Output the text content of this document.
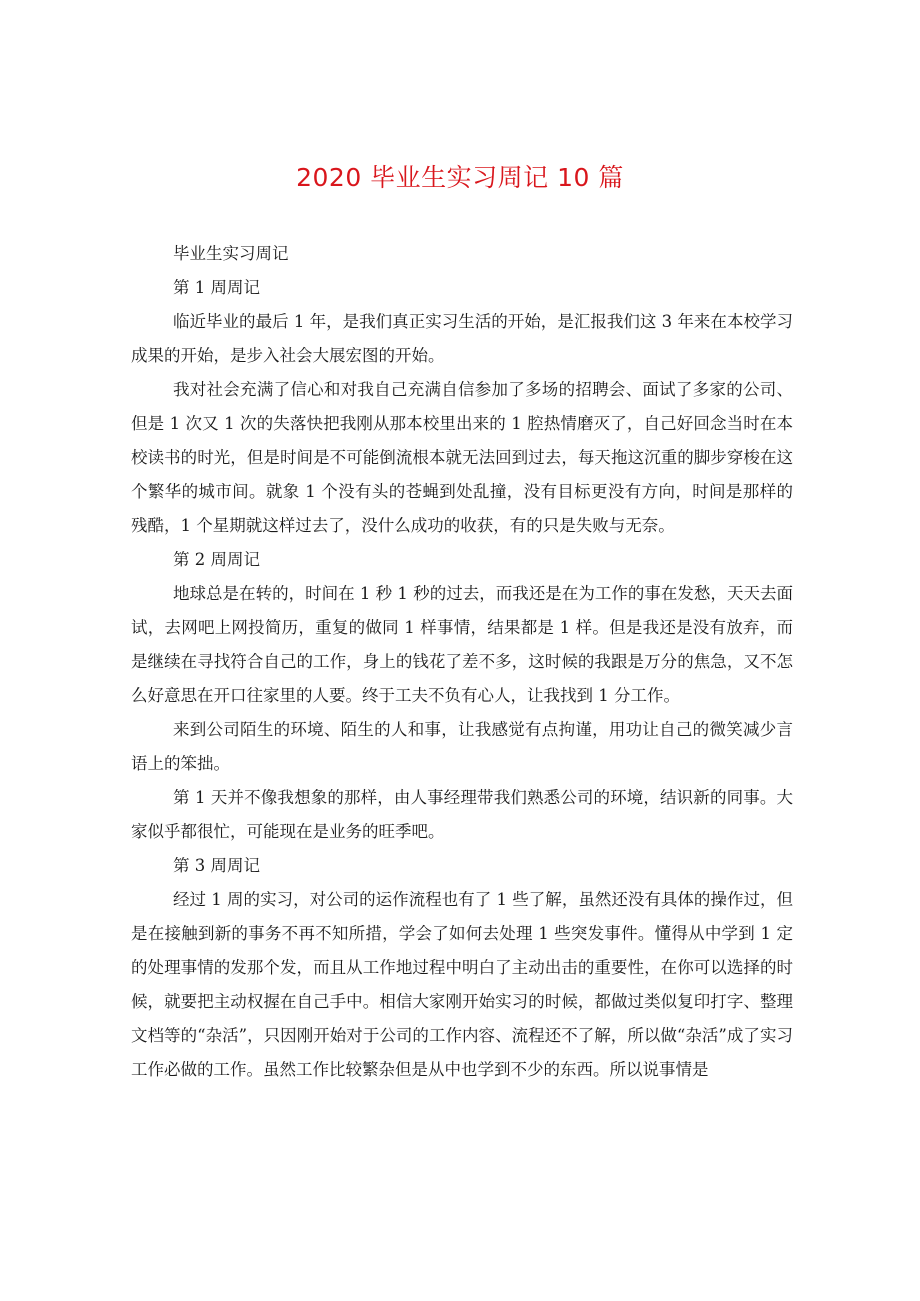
2020 毕业生实习周记 10 篇

毕业生实习周记

第 1 周周记

临近毕业的最后 1 年，是我们真正实习生活的开始，是汇报我们这 3 年来在本校学习成果的开始，是步入社会大展宏图的开始。

我对社会充满了信心和对我自己充满自信参加了多场的招聘会、面试了多家的公司、但是 1 次又 1 次的失落快把我刚从那本校里出来的 1 腔热情磨灭了，自己好回念当时在本校读书的时光，但是时间是不可能倒流根本就无法回到过去，每天拖这沉重的脚步穿梭在这个繁华的城市间。就象 1 个没有头的苍蝇到处乱撞，没有目标更没有方向，时间是那样的残酷，1 个星期就这样过去了，没什么成功的收获，有的只是失败与无奈。

第 2 周周记

地球总是在转的，时间在 1 秒 1 秒的过去，而我还是在为工作的事在发愁，天天去面试，去网吧上网投简历，重复的做同 1 样事情，结果都是 1 样。但是我还是没有放弃，而是继续在寻找符合自己的工作，身上的钱花了差不多，这时候的我跟是万分的焦急，又不怎么好意思在开口往家里的人要。终于工夫不负有心人，让我找到 1 分工作。

来到公司陌生的环境、陌生的人和事，让我感觉有点拘谨，用功让自己的微笑减少言语上的笨拙。

第 1 天并不像我想象的那样，由人事经理带我们熟悉公司的环境，结识新的同事。大家似乎都很忙，可能现在是业务的旺季吧。

第 3 周周记

经过 1 周的实习，对公司的运作流程也有了 1 些了解，虽然还没有具体的操作过，但是在接触到新的事务不再不知所措，学会了如何去处理 1 些突发事件。懂得从中学到 1 定的处理事情的发那个发，而且从工作地过程中明白了主动出击的重要性，在你可以选择的时候，就要把主动权握在自己手中。相信大家刚开始实习的时候，都做过类似复印打字、整理文档等的“杂活”，只因刚开始对于公司的工作内容、流程还不了解，所以做“杂活”成了实习工作必做的工作。虽然工作比较繁杂但是从中也学到不少的东西。所以说事情是
